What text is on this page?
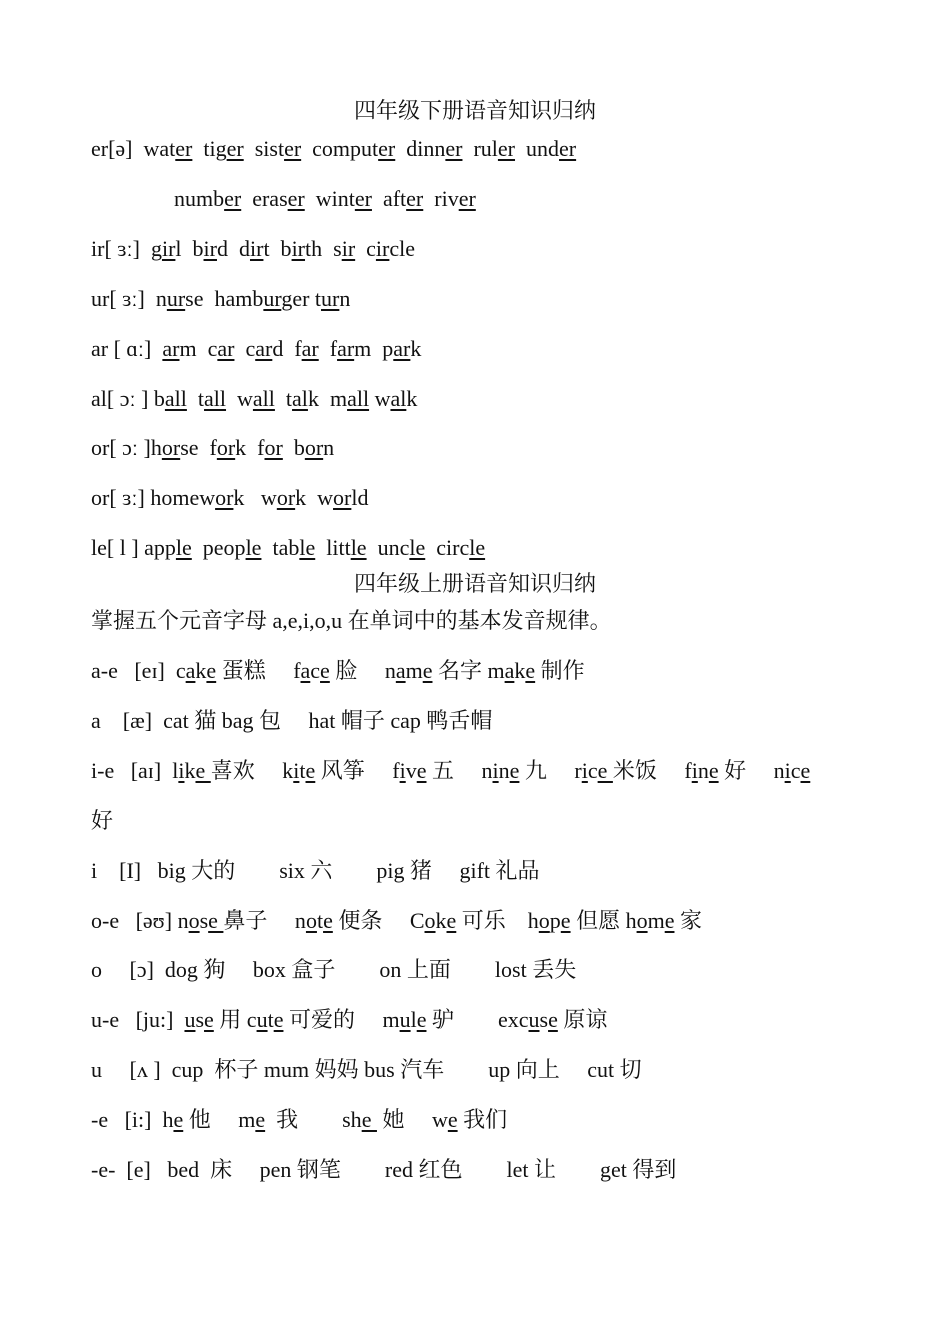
四年级下册语音知识归纳
er[ə]  water  tiger  sister  computer  dinner  ruler  under
number  eraser  winter  after  river
ir[ ɜː]  girl  bird  dirt  birth  sir  circle
ur[ ɜː]  nurse  hamburger turn
ar [ ɑː]  arm  car  card  far  farm  park
al[ ɔː ] ball  tall  wall  talk  mall walk
or[ ɔː ]horse  fork  for  born
or[ ɜː] homework   work  world
le[ l ] apple  people  table  little  uncle  circle
四年级上册语音知识归纳
掌握五个元音字母 a,e,i,o,u 在单词中的基本发音规律。
a-e   [eɪ]  cake 蛋糕     face 脸     name 名字 make 制作
a    [æ]  cat 猫 bag 包     hat 帽子 cap 鸭舌帽
i-e   [aɪ]  like 喜欢     kite 风筝     five 五     nine 九     rice 米饭     fine 好     nice
好
i    [I]   big 大的        six 六        pig 猪     gift 礼品
o-e   [əʊ] nose 鼻子     note 便条     Coke 可乐    hope 但愿 home 家
o     [ɔ]  dog 狗     box 盒子        on 上面        lost 丢失
u-e   [ju:]  use 用 cute 可爱的     mule 驴        excuse 原谅
u     [ʌ ]  cup  杯子 mum 妈妈 bus 汽车        up 向上     cut 切
-e   [i:]  he 他     me  我        she  她     we 我们
-e-  [e]   bed  床     pen 钢笔        red 红色        let 让        get 得到
